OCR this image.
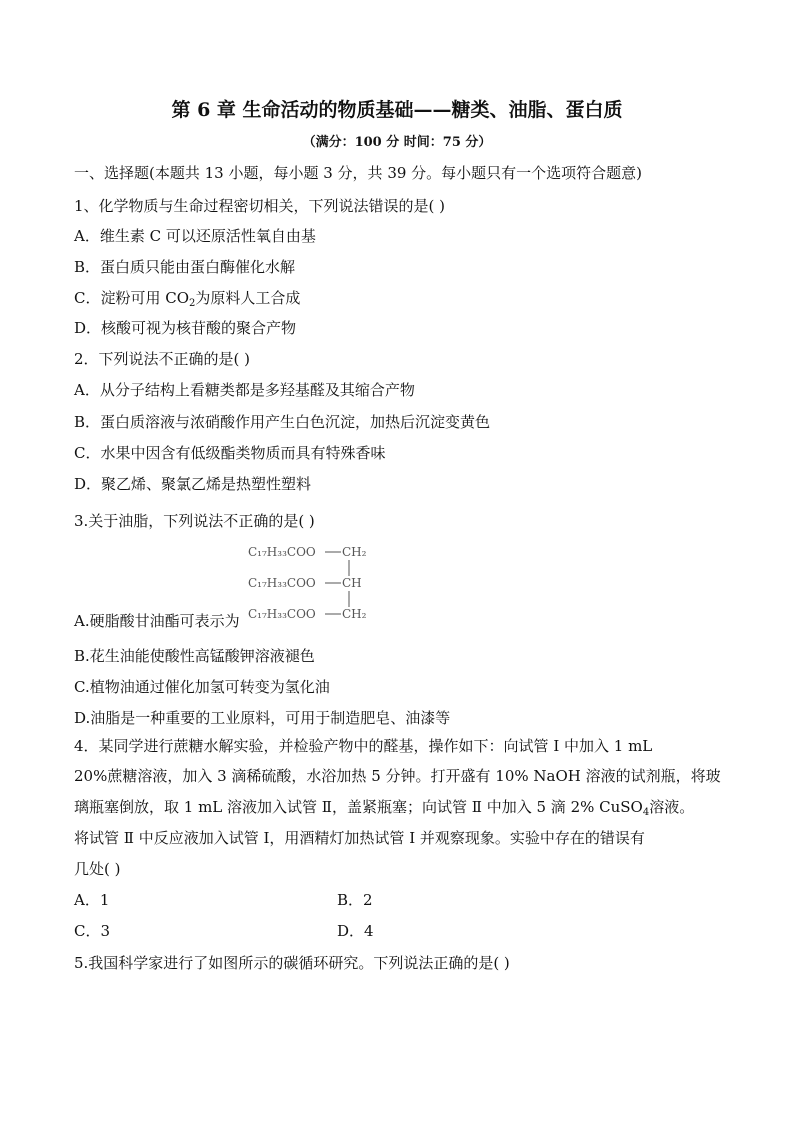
第 6 章 生命活动的物质基础——糖类、油脂、蛋白质
（满分：100 分 时间：75 分）
一、选择题(本题共 13 小题，每小题 3 分，共 39 分。每小题只有一个选项符合题意)
1、化学物质与生命过程密切相关，下列说法错误的是( )
A．维生素 C 可以还原活性氧自由基
B．蛋白质只能由蛋白酶催化水解
C．淀粉可用 $CO_2$为原料人工合成
D．核酸可视为核苷酸的聚合产物
2．下列说法不正确的是( )
A．从分子结构上看糖类都是多羟基醛及其缩合产物
B．蛋白质溶液与浓硝酸作用产生白色沉淀，加热后沉淀变黄色
C．水果中因含有低级酯类物质而具有特殊香味
D．聚乙烯、聚氯乙烯是热塑性塑料
3.关于油脂，下列说法不正确的是( )
C₁₇H₃₃COO CH₂
C₁₇H₃₃COO CH
C₁₇H₃₃COO CH₂
A.硬脂酸甘油酯可表示为
B.花生油能使酸性高锰酸钾溶液褪色
C.植物油通过催化加氢可转变为氢化油
D.油脂是一种重要的工业原料，可用于制造肥皂、油漆等
4．某同学进行蔗糖水解实验，并检验产物中的醛基，操作如下：向试管 Ⅰ 中加入 1 mL
20%蔗糖溶液，加入 3 滴稀硫酸，水浴加热 5 分钟。打开盛有 10% NaOH 溶液的试剂瓶，将玻
璃瓶塞倒放，取 1 mL 溶液加入试管 Ⅱ，盖紧瓶塞；向试管 Ⅱ 中加入 5 滴 2% CuSO$_4$溶液。
将试管 Ⅱ 中反应液加入试管 Ⅰ，用酒精灯加热试管 Ⅰ 并观察现象。实验中存在的错误有
几处( )
A．1	B．2
C．3	D．4
5.我国科学家进行了如图所示的碳循环研究。下列说法正确的是( )
